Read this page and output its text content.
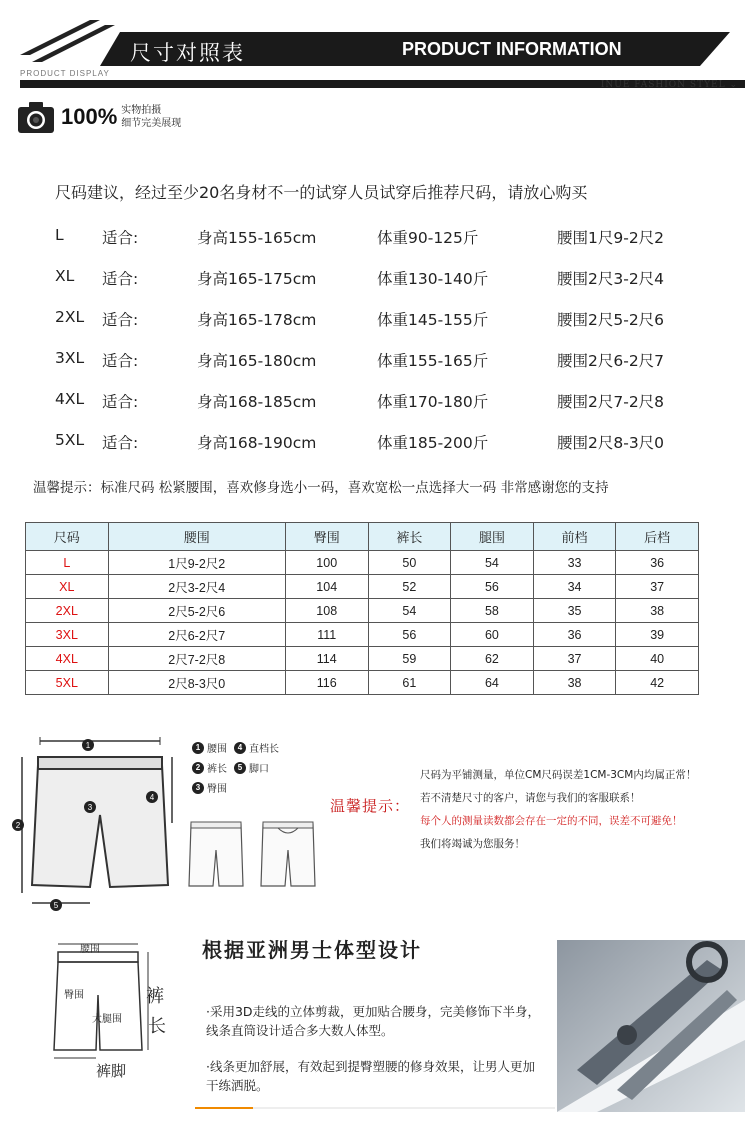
尺寸对照表	PRODUCT INFORMATION
PRODUCT DISPLAY
INUE FASHION STYEL ⌄
100% 实物拍摄
细节完美展现
尺码建议，经过至少20名身材不一的试穿人员试穿后推荐尺码，请放心购买
L 适合:	身高155-165cm	体重90-125斤	腰围1尺9-2尺2
XL 适合:	身高165-175cm	体重130-140斤	腰围2尺3-2尺4
2XL 适合:	身高165-178cm	体重145-155斤	腰围2尺5-2尺6
3XL 适合:	身高165-180cm	体重155-165斤	腰围2尺6-2尺7
4XL 适合:	身高168-185cm	体重170-180斤	腰围2尺7-2尺8
5XL 适合:	身高168-190cm	体重185-200斤	腰围2尺8-3尺0
温馨提示：标准尺码 松紧腰围，喜欢修身选小一码，喜欢宽松一点选择大一码 非常感谢您的支持
尺码	腰围	臀围	裤长	腿围	前档	后档
L	1尺9-2尺2	100	50	54	33	36
XL	2尺3-2尺4	104	52	56	34	37
2XL	2尺5-2尺6	108	54	58	35	38
3XL	2尺6-2尺7	111	56	60	36	39
4XL	2尺7-2尺8	114	59	62	37	40
5XL	2尺8-3尺0	116	61	64	38	42
1
2
3
4
5
1 腰围	4 直档长
2 裤长	5 脚口
3 臀围
温馨提示：
尺码为平铺测量，单位CM尺码误差1CM-3CM内均属正常！
若不清楚尺寸的客户，请您与我们的客服联系！
每个人的测量读数都会存在一定的不同，误差不可避免！
我们将竭诚为您服务！
腰围
臀围
大腿围
裤
长
裤脚
根据亚洲男士体型设计
·采用3D走线的立体剪裁，更加贴合腰身，完美修饰下半身，线条直筒设计适合多大数人体型。
·线条更加舒展，有效起到提臀塑腰的修身效果，让男人更加干练洒脱。
